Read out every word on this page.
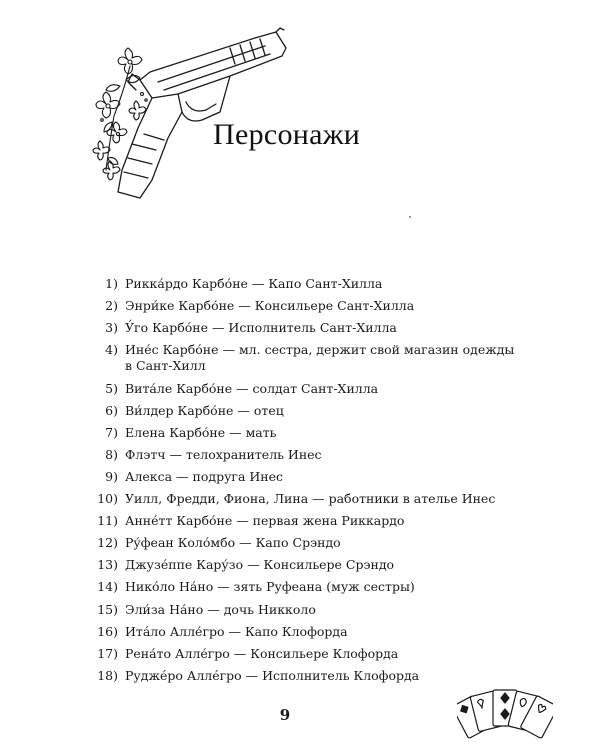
Персонажи
1) Рикка́рдо Карбо́не — Капо Сант-Хилла
2) Энри́ке Карбо́не — Консильере Сант-Хилла
3) У́го Карбо́не — Исполнитель Сант-Хилла
4) Ине́с Карбо́не — мл. сестра, держит свой магазин одежды в Сант-Хилл
5) Вита́ле Карбо́не — солдат Сант-Хилла
6) Ви́лдер Карбо́не — отец
7) Елена Карбо́не — мать
8) Флэтч — телохранитель Инес
9) Алекса — подруга Инес
10) Уилл, Фредди, Фиона, Лина — работники в ателье Инес
11) Анне́тт Карбо́не — первая жена Риккардо
12) Ру́феан Коло́мбо — Капо Срэндо
13) Джузе́ппе Кару́зо — Консильере Срэндо
14) Нико́ло На́но — зять Руфеана (муж сестры)
15) Эли́за На́но — дочь Никколо
16) Ита́ло Алле́гро — Капо Клофорда
17) Рена́то Алле́гро — Консильере Клофорда
18) Руджéро Аллéгро — Исполнитель Клофорда
9
